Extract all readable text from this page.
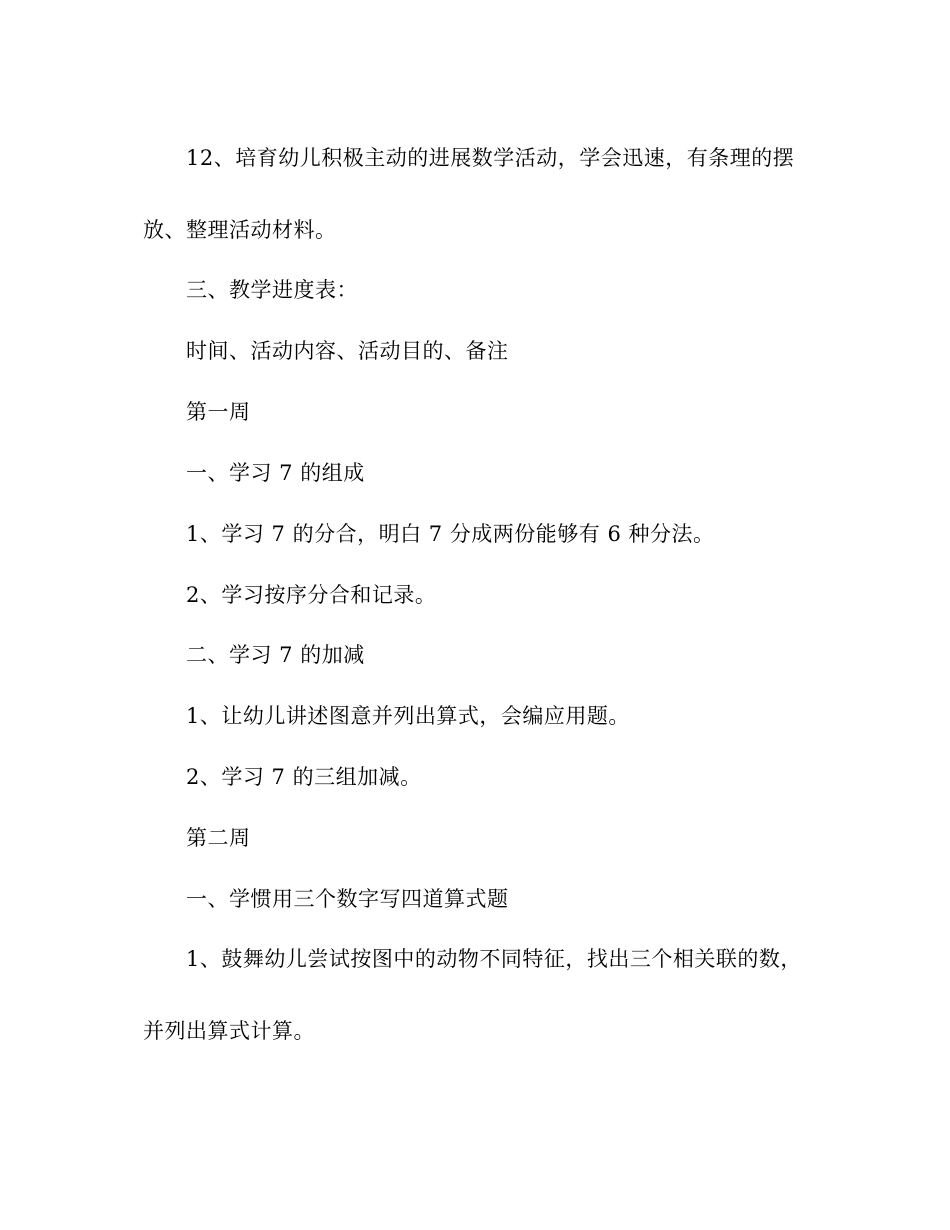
12、培育幼儿积极主动的进展数学活动，学会迅速，有条理的摆
放、整理活动材料。
三、教学进度表：
时间、活动内容、活动目的、备注
第一周
一、学习 7 的组成
1、学习 7 的分合，明白 7 分成两份能够有 6 种分法。
2、学习按序分合和记录。
二、学习 7 的加减
1、让幼儿讲述图意并列出算式，会编应用题。
2、学习 7 的三组加减。
第二周
一、学惯用三个数字写四道算式题
1、鼓舞幼儿尝试按图中的动物不同特征，找出三个相关联的数，
并列出算式计算。
